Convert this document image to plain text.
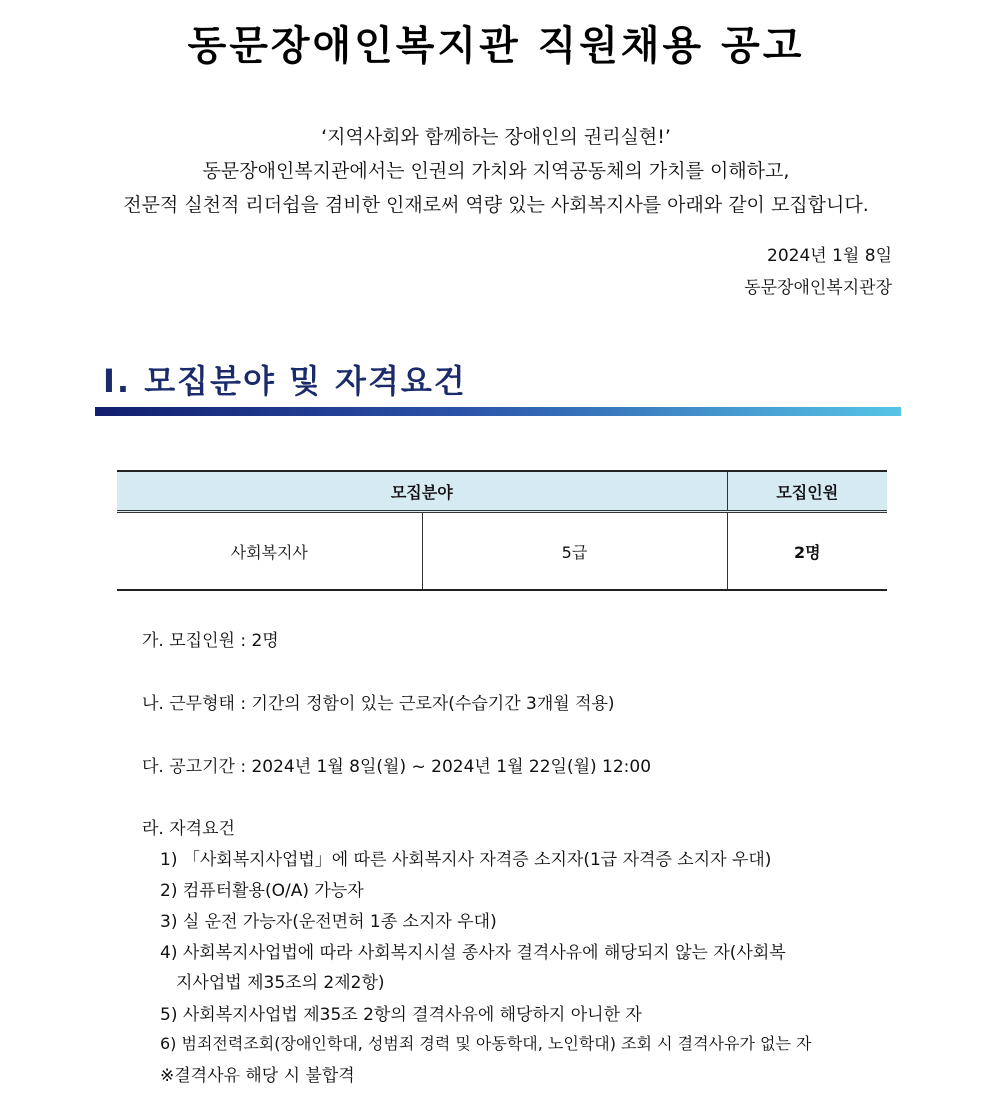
동문장애인복지관 직원채용 공고
‘지역사회와 함께하는 장애인의 권리실현!’
동문장애인복지관에서는 인권의 가치와 지역공동체의 가치를 이해하고,
전문적 실천적 리더쉽을 겸비한 인재로써 역량 있는 사회복지사를 아래와 같이 모집합니다.
2024년 1월 8일
동문장애인복지관장
Ⅰ. 모집분야 및 자격요건
모집분야		모집인원
사회복지사	5급	2명
가. 모집인원 : 2명
나. 근무형태 : 기간의 정함이 있는 근로자(수습기간 3개월 적용)
다. 공고기간 : 2024년 1월 8일(월) ~ 2024년 1월 22일(월) 12:00
라. 자격요건
1) 「사회복지사업법」에 따른 사회복지사 자격증 소지자(1급 자격증 소지자 우대)
2) 컴퓨터활용(O/A) 가능자
3) 실 운전 가능자(운전면허 1종 소지자 우대)
4) 사회복지사업법에 따라 사회복지시설 종사자 결격사유에 해당되지 않는 자(사회복
지사업법 제35조의 2제2항)
5) 사회복지사업법 제35조 2항의 결격사유에 해당하지 아니한 자
6) 범죄전력조회(장애인학대, 성범죄 경력 및 아동학대, 노인학대) 조회 시 결격사유가 없는 자
※결격사유 해당 시 불합격
